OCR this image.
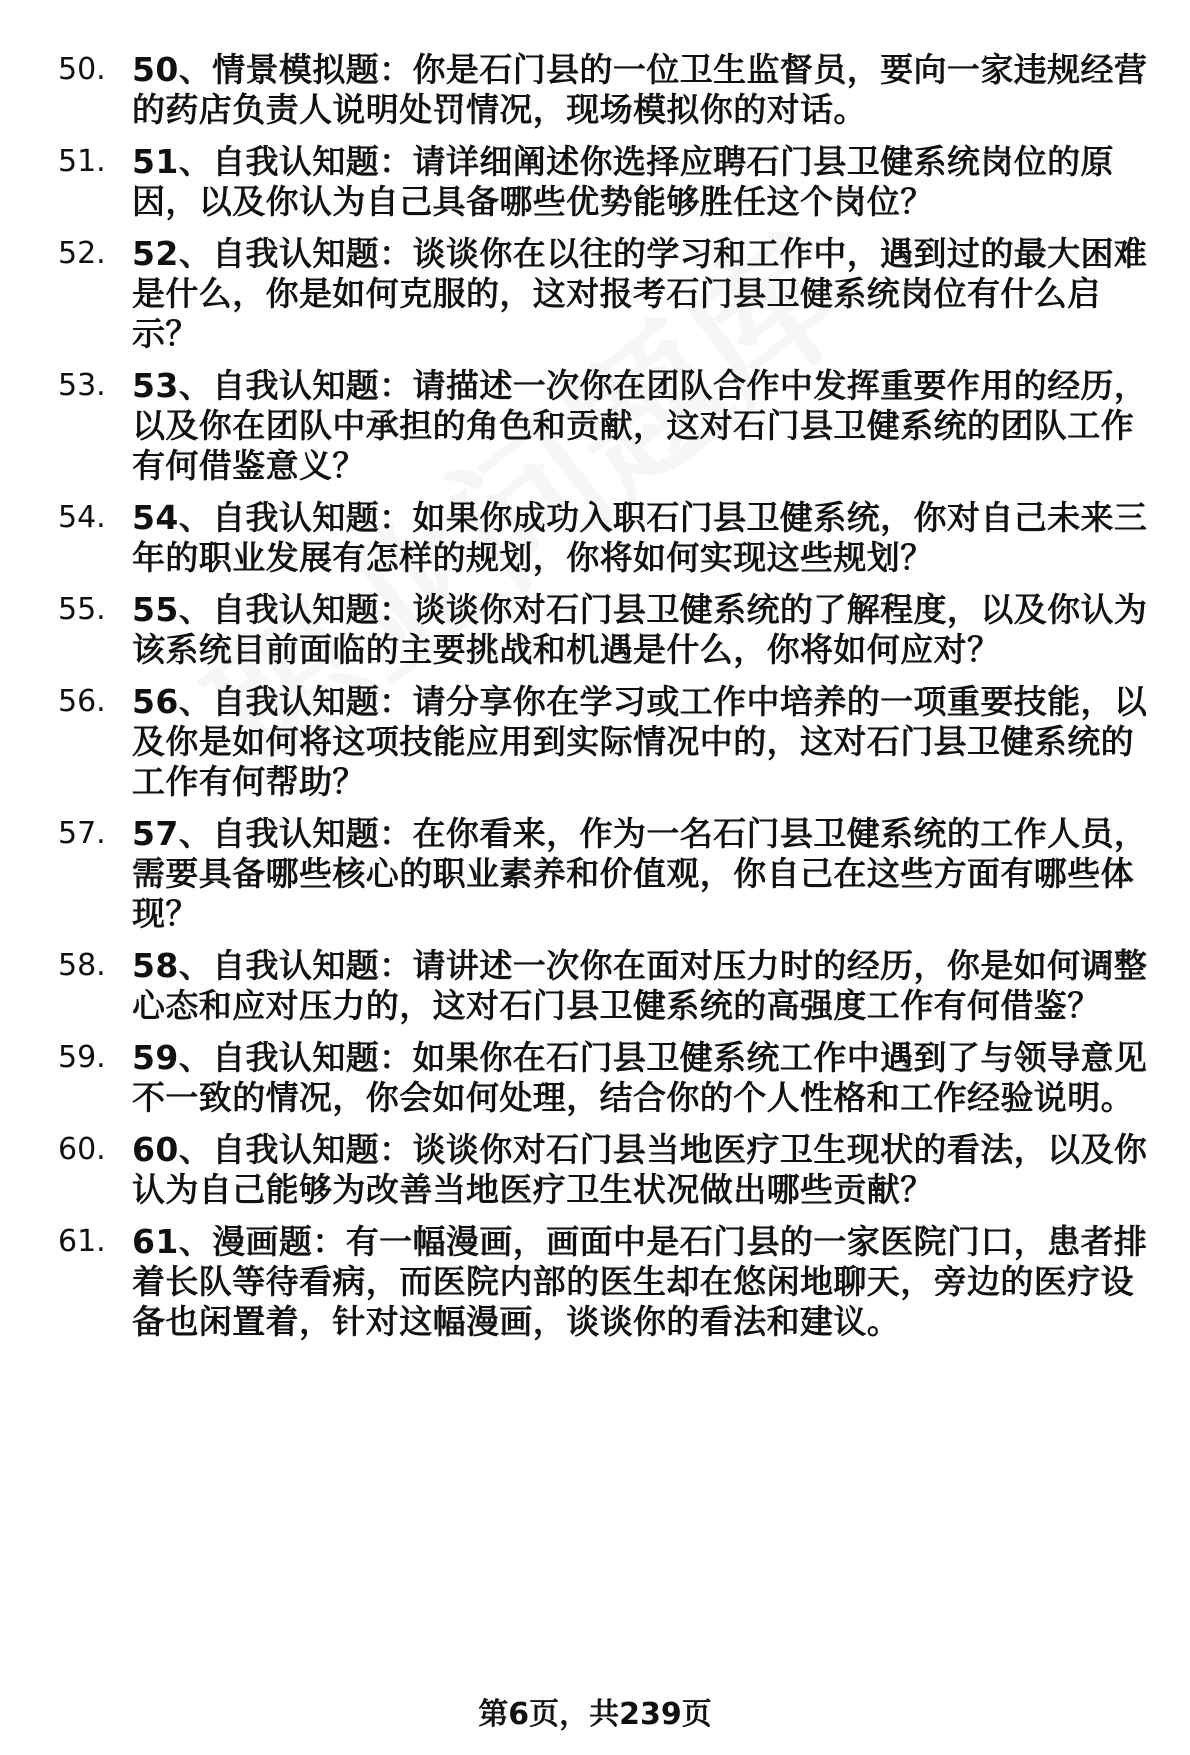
50. 50、情景模拟题：你是石门县的一位卫生监督员，要向一家违规经营的药店负责人说明处罚情况，现场模拟你的对话。
51. 51、自我认知题：请详细阐述你选择应聘石门县卫健系统岗位的原因，以及你认为自己具备哪些优势能够胜任这个岗位？
52. 52、自我认知题：谈谈你在以往的学习和工作中，遇到过的最大困难是什么，你是如何克服的，这对报考石门县卫健系统岗位有什么启示？
53. 53、自我认知题：请描述一次你在团队合作中发挥重要作用的经历，以及你在团队中承担的角色和贡献，这对石门县卫健系统的团队工作有何借鉴意义？
54. 54、自我认知题：如果你成功入职石门县卫健系统，你对自己未来三年的职业发展有怎样的规划，你将如何实现这些规划？
55. 55、自我认知题：谈谈你对石门县卫健系统的了解程度，以及你认为该系统目前面临的主要挑战和机遇是什么，你将如何应对？
56. 56、自我认知题：请分享你在学习或工作中培养的一项重要技能，以及你是如何将这项技能应用到实际情况中的，这对石门县卫健系统的工作有何帮助？
57. 57、自我认知题：在你看来，作为一名石门县卫健系统的工作人员，需要具备哪些核心的职业素养和价值观，你自己在这些方面有哪些体现？
58. 58、自我认知题：请讲述一次你在面对压力时的经历，你是如何调整心态和应对压力的，这对石门县卫健系统的高强度工作有何借鉴？
59. 59、自我认知题：如果你在石门县卫健系统工作中遇到了与领导意见不一致的情况，你会如何处理，结合你的个人性格和工作经验说明。
60. 60、自我认知题：谈谈你对石门县当地医疗卫生现状的看法，以及你认为自己能够为改善当地医疗卫生状况做出哪些贡献？
61. 61、漫画题：有一幅漫画，画面中是石门县的一家医院门口，患者排着长队等待看病，而医院内部的医生却在悠闲地聊天，旁边的医疗设备也闲置着，针对这幅漫画，谈谈你的看法和建议。
第6页，共239页
